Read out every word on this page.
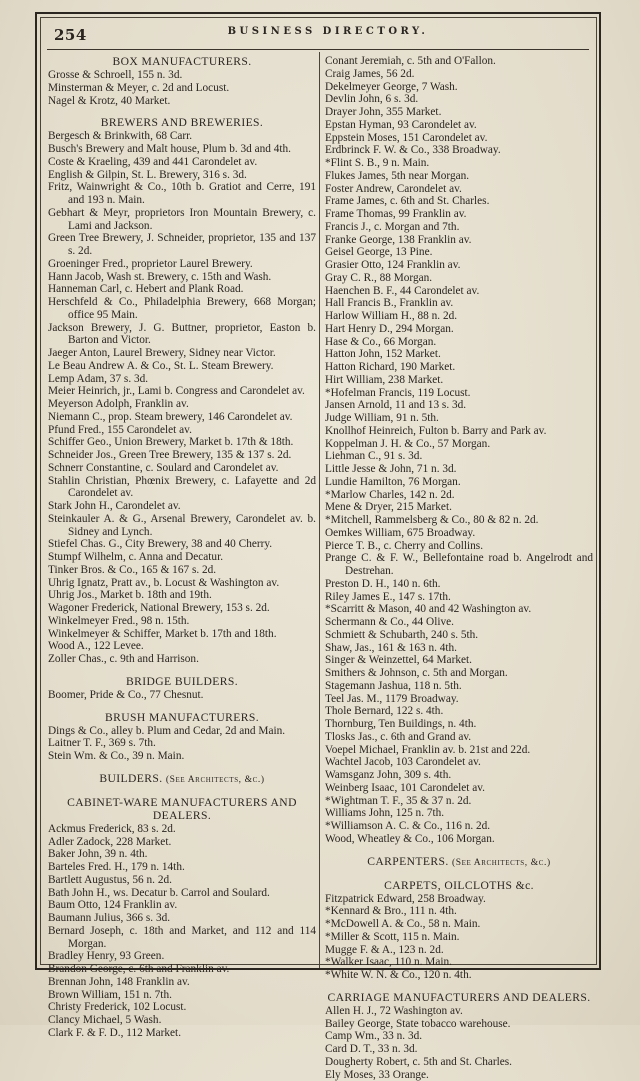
254	BUSINESS DIRECTORY.
BOX MANUFACTURERS.
Grosse & Schroell, 155 n. 3d.
Minsterman & Meyer, c. 2d and Locust.
Nagel & Krotz, 40 Market.
BREWERS AND BREWERIES.
Bergesch & Brinkwith, 68 Carr.
Busch's Brewery and Malt house, Plum b. 3d and 4th.
Coste & Kraeling, 439 and 441 Carondelet av.
English & Gilpin, St. L. Brewery, 316 s. 3d.
Fritz, Wainwright & Co., 10th b. Gratiot and Cerre, 191 and 193 n. Main.
Gebhart & Meyr, proprietors Iron Mountain Brewery, c. Lami and Jackson.
Green Tree Brewery, J. Schneider, proprietor, 135 and 137 s. 2d.
Groeninger Fred., proprietor Laurel Brewery.
Hann Jacob, Wash st. Brewery, c. 15th and Wash.
Hanneman Carl, c. Hebert and Plank Road.
Herschfeld & Co., Philadelphia Brewery, 668 Morgan; office 95 Main.
Jackson Brewery, J. G. Buttner, proprietor, Easton b. Barton and Victor.
Jaeger Anton, Laurel Brewery, Sidney near Victor.
Le Beau Andrew A. & Co., St. L. Steam Brewery.
Lemp Adam, 37 s. 3d.
Meier Heinrich, jr., Lami b. Congress and Carondelet av.
Meyerson Adolph, Franklin av.
Niemann C., prop. Steam brewery, 146 Carondelet av.
Pfund Fred., 155 Carondelet av.
Schiffer Geo., Union Brewery, Market b. 17th & 18th.
Schneider Jos., Green Tree Brewery, 135 & 137 s. 2d.
Schnerr Constantine, c. Soulard and Carondelet av.
Stahlin Christian, Phœnix Brewery, c. Lafayette and 2d Carondelet av.
Stark John H., Carondelet av.
Steinkauler A. & G., Arsenal Brewery, Carondelet av. b. Sidney and Lynch.
Stiefel Chas. G., City Brewery, 38 and 40 Cherry.
Stumpf Wilhelm, c. Anna and Decatur.
Tinker Bros. & Co., 165 & 167 s. 2d.
Uhrig Ignatz, Pratt av., b. Locust & Washington av.
Uhrig Jos., Market b. 18th and 19th.
Wagoner Frederick, National Brewery, 153 s. 2d.
Winkelmeyer Fred., 98 n. 15th.
Winkelmeyer & Schiffer, Market b. 17th and 18th.
Wood A., 122 Levee.
Zoller Chas., c. 9th and Harrison.
BRIDGE BUILDERS.
Boomer, Pride & Co., 77 Chesnut.
BRUSH MANUFACTURERS.
Dings & Co., alley b. Plum and Cedar, 2d and Main.
Laitner T. F., 369 s. 7th.
Stein Wm. & Co., 39 n. Main.
BUILDERS. (See Architects, &c.)
CABINET-WARE MANUFACTURERS AND DEALERS.
Ackmus Frederick, 83 s. 2d.
Adler Zadock, 228 Market.
Baker John, 39 n. 4th.
Barteles Fred. H., 179 n. 14th.
Bartlett Augustus, 56 n. 2d.
Bath John H., ws. Decatur b. Carrol and Soulard.
Baum Otto, 124 Franklin av.
Baumann Julius, 366 s. 3d.
Bernard Joseph, c. 18th and Market, and 112 and 114 Morgan.
Bradley Henry, 93 Green.
Brandon George, c. 6th and Franklin av.
Brennan John, 148 Franklin av.
Brown William, 151 n. 7th.
Christy Frederick, 102 Locust.
Clancy Michael, 5 Wash.
Clark F. & F. D., 112 Market.
Conant Jeremiah, c. 5th and O'Fallon.
Craig James, 56 2d.
Dekelmeyer George, 7 Wash.
Devlin John, 6 s. 3d.
Drayer John, 355 Market.
Epstan Hyman, 93 Carondelet av.
Eppstein Moses, 151 Carondelet av.
Erdbrinck F. W. & Co., 338 Broadway.
*Flint S. B., 9 n. Main.
Flukes James, 5th near Morgan.
Foster Andrew, Carondelet av.
Frame James, c. 6th and St. Charles.
Frame Thomas, 99 Franklin av.
Francis J., c. Morgan and 7th.
Franke George, 138 Franklin av.
Geisel George, 13 Pine.
Grasier Otto, 124 Franklin av.
Gray C. R., 88 Morgan.
Haenchen B. F., 44 Carondelet av.
Hall Francis B., Franklin av.
Harlow William H., 88 n. 2d.
Hart Henry D., 294 Morgan.
Hase & Co., 66 Morgan.
Hatton John, 152 Market.
Hatton Richard, 190 Market.
Hirt William, 238 Market.
*Hofelman Francis, 119 Locust.
Jansen Arnold, 11 and 13 s. 3d.
Judge William, 91 n. 5th.
Knollhof Heinreich, Fulton b. Barry and Park av.
Koppelman J. H. & Co., 57 Morgan.
Liehman C., 91 s. 3d.
Little Jesse & John, 71 n. 3d.
Lundie Hamilton, 76 Morgan.
*Marlow Charles, 142 n. 2d.
Mene & Dryer, 215 Market.
*Mitchell, Rammelsberg & Co., 80 & 82 n. 2d.
Oemkes William, 675 Broadway.
Pierce T. B., c. Cherry and Collins.
Prange C. & F. W., Bellefontaine road b. Angelrodt and Destrehan.
Preston D. H., 140 n. 6th.
Riley James E., 147 s. 17th.
*Scarritt & Mason, 40 and 42 Washington av.
Schermann & Co., 44 Olive.
Schmiett & Schubarth, 240 s. 5th.
Shaw, Jas., 161 & 163 n. 4th.
Singer & Weinzettel, 64 Market.
Smithers & Johnson, c. 5th and Morgan.
Stagemann Jashua, 118 n. 5th.
Teel Jas. M., 1179 Broadway.
Thole Bernard, 122 s. 4th.
Thornburg, Ten Buildings, n. 4th.
Tlosks Jas., c. 6th and Grand av.
Voepel Michael, Franklin av. b. 21st and 22d.
Wachtel Jacob, 103 Carondelet av.
Wamsganz John, 309 s. 4th.
Weinberg Isaac, 101 Carondelet av.
*Wightman T. F., 35 & 37 n. 2d.
Williams John, 125 n. 7th.
*Williamson A. C. & Co., 116 n. 2d.
Wood, Wheatley & Co., 106 Morgan.
CARPENTERS. (See Architects, &c.)
CARPETS, OILCLOTHS &c.
Fitzpatrick Edward, 258 Broadway.
*Kennard & Bro., 111 n. 4th.
*McDowell A. & Co., 58 n. Main.
*Miller & Scott, 115 n. Main.
Mugge F. & A., 123 n. 2d.
*Walker Isaac, 110 n. Main.
*White W. N. & Co., 120 n. 4th.
CARRIAGE MANUFACTURERS AND DEALERS.
Allen H. J., 72 Washington av.
Bailey George, State tobacco warehouse.
Camp Wm., 33 n. 3d.
Card D. T., 33 n. 3d.
Dougherty Robert, c. 5th and St. Charles.
Ely Moses, 33 Orange.
